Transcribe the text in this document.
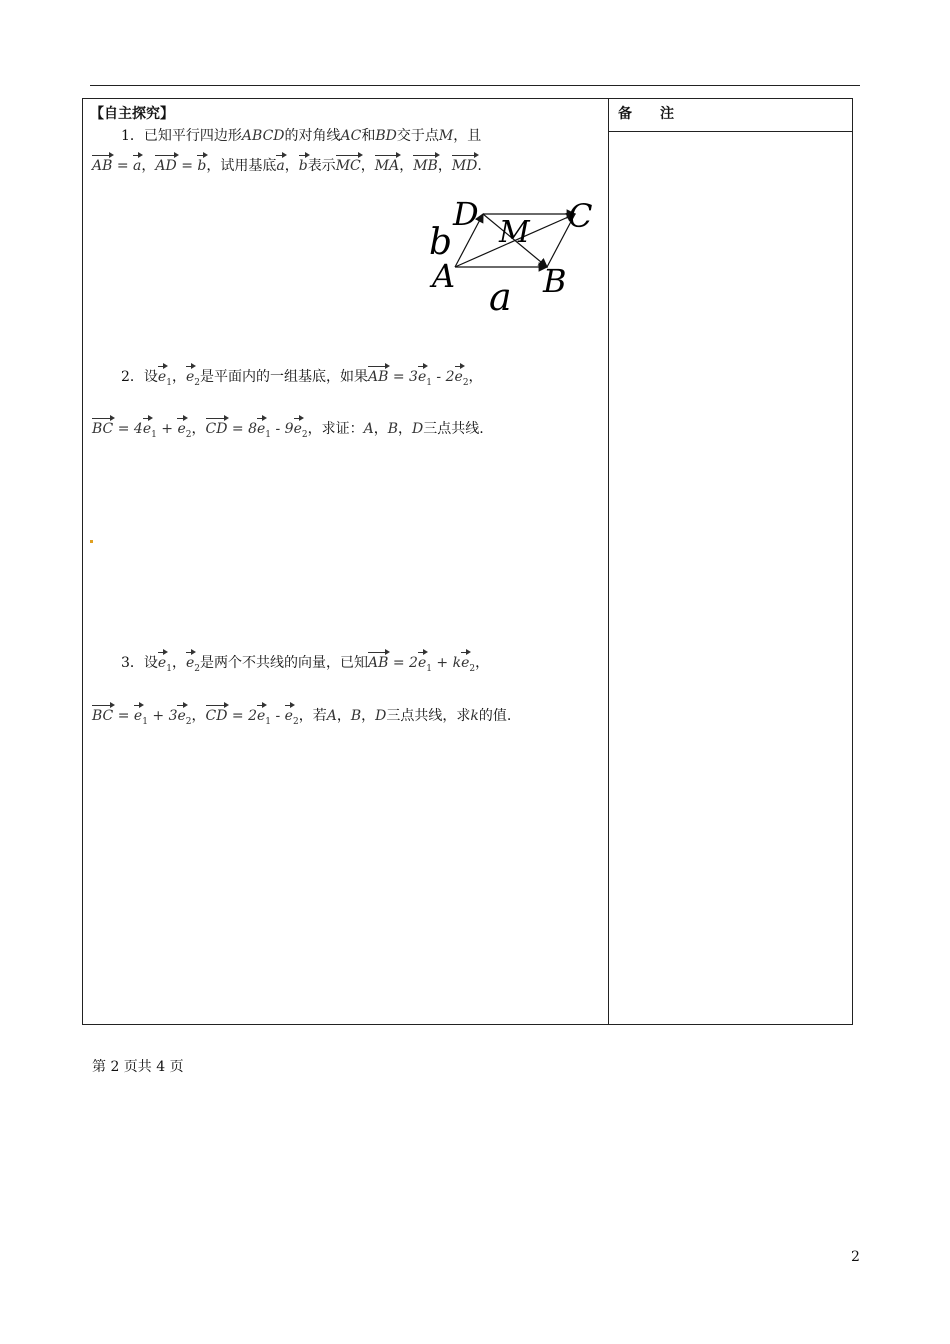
【自主探究】	备　　注
1．已知平行四边形ABCD的对角线AC和BD交于点M，且
AB = a，AD = b，试用基底a，b表示MC，MA，MB，MD.
D	C
M
b
A	B
a
2．设$e_1$，$e_2$是平面内的一组基底，如果AB = $3e_1 - 2e_2$，
BC = $4e_1 + e_2$，CD = $8e_1 - 9e_2$，求证：A，B，D三点共线.
3．设$e_1$，$e_2$是两个不共线的向量，已知AB = $2e_1 + ke_2$，
BC = $e_1 + 3e_2$，CD = $2e_1 - e_2$，若A，B，D三点共线，求k的值.
第 2 页共 4 页
2
